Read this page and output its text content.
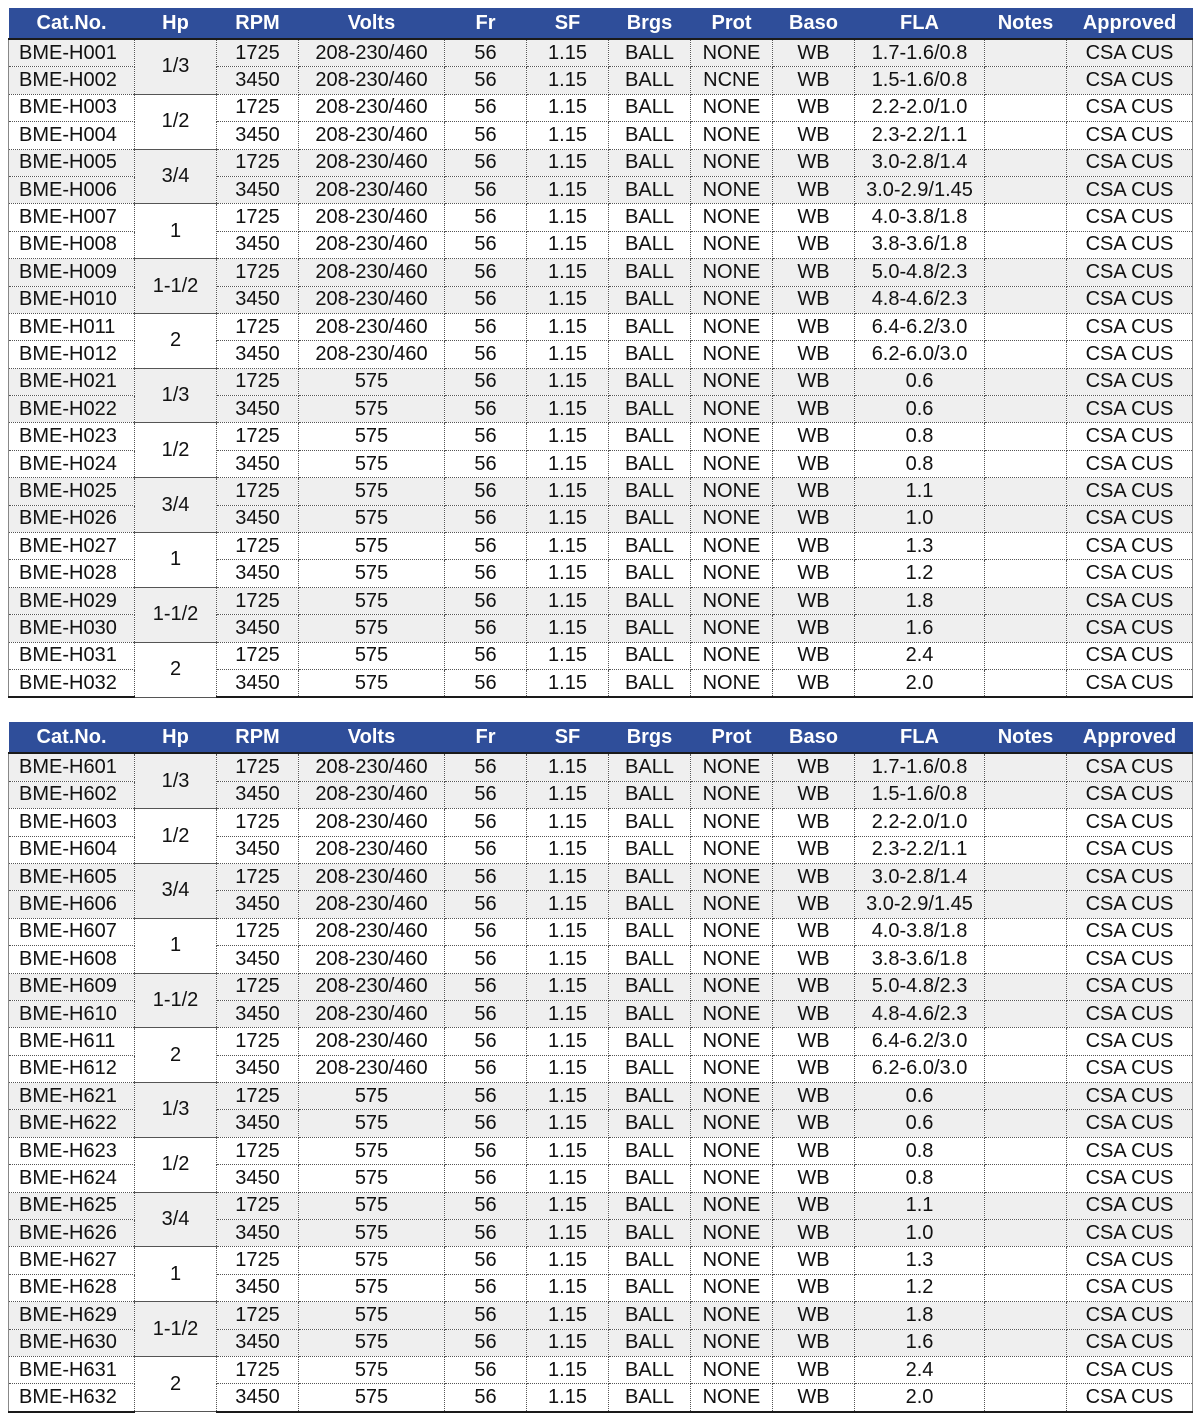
Cat.No.	Hp	RPM	Volts	Fr	SF	Brgs	Prot	Baso	FLA	Notes	Approved
BME-H001	1/3	1725	208-230/460	56	1.15	BALL	NONE	WB	1.7-1.6/0.8		CSA CUS
BME-H002		3450	208-230/460	56	1.15	BALL	NCNE	WB	1.5-1.6/0.8		CSA CUS
BME-H003	1/2	1725	208-230/460	56	1.15	BALL	NONE	WB	2.2-2.0/1.0		CSA CUS
BME-H004		3450	208-230/460	56	1.15	BALL	NONE	WB	2.3-2.2/1.1		CSA CUS
BME-H005	3/4	1725	208-230/460	56	1.15	BALL	NONE	WB	3.0-2.8/1.4		CSA CUS
BME-H006		3450	208-230/460	56	1.15	BALL	NONE	WB	3.0-2.9/1.45		CSA CUS
BME-H007	1	1725	208-230/460	56	1.15	BALL	NONE	WB	4.0-3.8/1.8		CSA CUS
BME-H008		3450	208-230/460	56	1.15	BALL	NONE	WB	3.8-3.6/1.8		CSA CUS
BME-H009	1-1/2	1725	208-230/460	56	1.15	BALL	NONE	WB	5.0-4.8/2.3		CSA CUS
BME-H010		3450	208-230/460	56	1.15	BALL	NONE	WB	4.8-4.6/2.3		CSA CUS
BME-H011	2	1725	208-230/460	56	1.15	BALL	NONE	WB	6.4-6.2/3.0		CSA CUS
BME-H012		3450	208-230/460	56	1.15	BALL	NONE	WB	6.2-6.0/3.0		CSA CUS
BME-H021	1/3	1725	575	56	1.15	BALL	NONE	WB	0.6		CSA CUS
BME-H022		3450	575	56	1.15	BALL	NONE	WB	0.6		CSA CUS
BME-H023	1/2	1725	575	56	1.15	BALL	NONE	WB	0.8		CSA CUS
BME-H024		3450	575	56	1.15	BALL	NONE	WB	0.8		CSA CUS
BME-H025	3/4	1725	575	56	1.15	BALL	NONE	WB	1.1		CSA CUS
BME-H026		3450	575	56	1.15	BALL	NONE	WB	1.0		CSA CUS
BME-H027	1	1725	575	56	1.15	BALL	NONE	WB	1.3		CSA CUS
BME-H028		3450	575	56	1.15	BALL	NONE	WB	1.2		CSA CUS
BME-H029	1-1/2	1725	575	56	1.15	BALL	NONE	WB	1.8		CSA CUS
BME-H030		3450	575	56	1.15	BALL	NONE	WB	1.6		CSA CUS
BME-H031	2	1725	575	56	1.15	BALL	NONE	WB	2.4		CSA CUS
BME-H032		3450	575	56	1.15	BALL	NONE	WB	2.0		CSA CUS
Cat.No.	Hp	RPM	Volts	Fr	SF	Brgs	Prot	Baso	FLA	Notes	Approved
BME-H601	1/3	1725	208-230/460	56	1.15	BALL	NONE	WB	1.7-1.6/0.8		CSA CUS
BME-H602		3450	208-230/460	56	1.15	BALL	NONE	WB	1.5-1.6/0.8		CSA CUS
BME-H603	1/2	1725	208-230/460	56	1.15	BALL	NONE	WB	2.2-2.0/1.0		CSA CUS
BME-H604		3450	208-230/460	56	1.15	BALL	NONE	WB	2.3-2.2/1.1		CSA CUS
BME-H605	3/4	1725	208-230/460	56	1.15	BALL	NONE	WB	3.0-2.8/1.4		CSA CUS
BME-H606		3450	208-230/460	56	1.15	BALL	NONE	WB	3.0-2.9/1.45		CSA CUS
BME-H607	1	1725	208-230/460	56	1.15	BALL	NONE	WB	4.0-3.8/1.8		CSA CUS
BME-H608		3450	208-230/460	56	1.15	BALL	NONE	WB	3.8-3.6/1.8		CSA CUS
BME-H609	1-1/2	1725	208-230/460	56	1.15	BALL	NONE	WB	5.0-4.8/2.3		CSA CUS
BME-H610		3450	208-230/460	56	1.15	BALL	NONE	WB	4.8-4.6/2.3		CSA CUS
BME-H611	2	1725	208-230/460	56	1.15	BALL	NONE	WB	6.4-6.2/3.0		CSA CUS
BME-H612		3450	208-230/460	56	1.15	BALL	NONE	WB	6.2-6.0/3.0		CSA CUS
BME-H621	1/3	1725	575	56	1.15	BALL	NONE	WB	0.6		CSA CUS
BME-H622		3450	575	56	1.15	BALL	NONE	WB	0.6		CSA CUS
BME-H623	1/2	1725	575	56	1.15	BALL	NONE	WB	0.8		CSA CUS
BME-H624		3450	575	56	1.15	BALL	NONE	WB	0.8		CSA CUS
BME-H625	3/4	1725	575	56	1.15	BALL	NONE	WB	1.1		CSA CUS
BME-H626		3450	575	56	1.15	BALL	NONE	WB	1.0		CSA CUS
BME-H627	1	1725	575	56	1.15	BALL	NONE	WB	1.3		CSA CUS
BME-H628		3450	575	56	1.15	BALL	NONE	WB	1.2		CSA CUS
BME-H629	1-1/2	1725	575	56	1.15	BALL	NONE	WB	1.8		CSA CUS
BME-H630		3450	575	56	1.15	BALL	NONE	WB	1.6		CSA CUS
BME-H631	2	1725	575	56	1.15	BALL	NONE	WB	2.4		CSA CUS
BME-H632		3450	575	56	1.15	BALL	NONE	WB	2.0		CSA CUS
